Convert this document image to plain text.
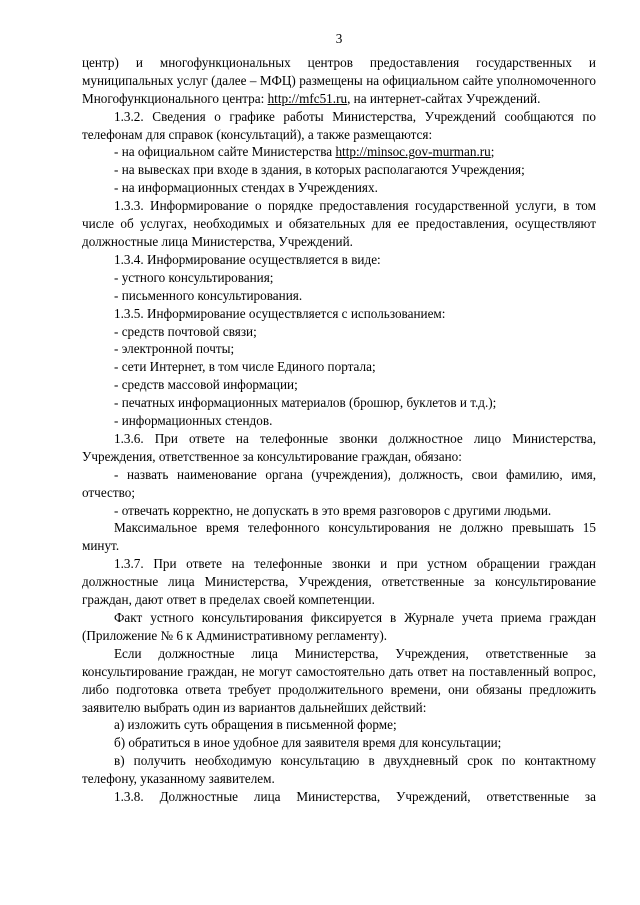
3

центр) и многофункциональных центров предоставления государственных и муниципальных услуг (далее – МФЦ) размещены на официальном сайте уполномоченного Многофункционального центра: http://mfc51.ru, на интернет-сайтах Учреждений.

1.3.2. Сведения о графике работы Министерства, Учреждений сообщаются по телефонам для справок (консультаций), а также размещаются:

- на официальном сайте Министерства http://minsoc.gov-murman.ru;

- на вывесках при входе в здания, в которых располагаются Учреждения;

- на информационных стендах в Учреждениях.

1.3.3. Информирование о порядке предоставления государственной услуги, в том числе об услугах, необходимых и обязательных для ее предоставления, осуществляют должностные лица Министерства, Учреждений.

1.3.4. Информирование осуществляется в виде:

- устного консультирования;

- письменного консультирования.

1.3.5. Информирование осуществляется с использованием:

- средств почтовой связи;

- электронной почты;

- сети Интернет, в том числе Единого портала;

- средств массовой информации;

- печатных информационных материалов (брошюр, буклетов и т.д.);

- информационных стендов.

1.3.6. При ответе на телефонные звонки должностное лицо Министерства, Учреждения, ответственное за консультирование граждан, обязано:

- назвать наименование органа (учреждения), должность, свои фамилию, имя, отчество;

- отвечать корректно, не допускать в это время разговоров с другими людьми.

Максимальное время телефонного консультирования не должно превышать 15 минут.

1.3.7. При ответе на телефонные звонки и при устном обращении граждан должностные лица Министерства, Учреждения, ответственные за консультирование граждан, дают ответ в пределах своей компетенции.

Факт устного консультирования фиксируется в Журнале учета приема граждан (Приложение № 6 к Административному регламенту).

Если должностные лица Министерства, Учреждения, ответственные за консультирование граждан, не могут самостоятельно дать ответ на поставленный вопрос, либо подготовка ответа требует продолжительного времени, они обязаны предложить заявителю выбрать один из вариантов дальнейших действий:

а) изложить суть обращения в письменной форме;

б) обратиться в иное удобное для заявителя время для консультации;

в) получить необходимую консультацию в двухдневный срок по контактному телефону, указанному заявителем.

1.3.8. Должностные лица Министерства, Учреждений, ответственные за
